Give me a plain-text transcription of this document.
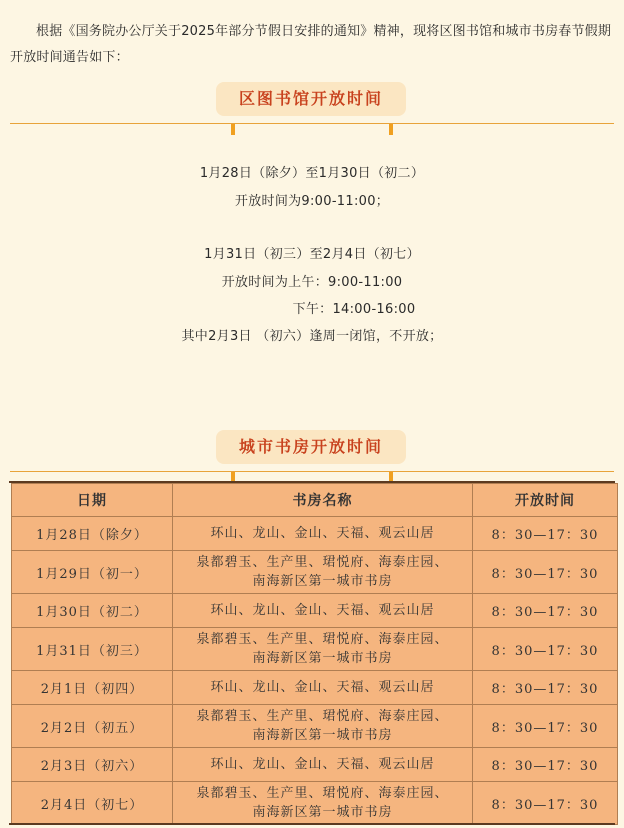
根据《国务院办公厅关于2025年部分节假日安排的通知》精神，现将区图书馆和城市书房春节假期开放时间通告如下：

区图书馆开放时间
1月28日（除夕）至1月30日（初二）
开放时间为9:00-11:00；
1月31日（初三）至2月4日（初七）
开放时间为上午：9:00-11:00
下午：14:00-16:00
其中2月3日 （初六）逢周一闭馆，不开放；
城市书房开放时间
日期	书房名称	开放时间
1月28日（除夕）	环山、龙山、金山、天福、观云山居	8：30—17：30
1月29日（初一）	泉都碧玉、生产里、珺悦府、海泰庄园、
南海新区第一城市书房	8：30—17：30
1月30日（初二）	环山、龙山、金山、天福、观云山居	8：30—17：30
1月31日（初三）	泉都碧玉、生产里、珺悦府、海泰庄园、
南海新区第一城市书房	8：30—17：30
2月1日（初四）	环山、龙山、金山、天福、观云山居	8：30—17：30
2月2日（初五）	泉都碧玉、生产里、珺悦府、海泰庄园、
南海新区第一城市书房	8：30—17：30
2月3日（初六）	环山、龙山、金山、天福、观云山居	8：30—17：30
2月4日（初七）	泉都碧玉、生产里、珺悦府、海泰庄园、
南海新区第一城市书房	8：30—17：30
